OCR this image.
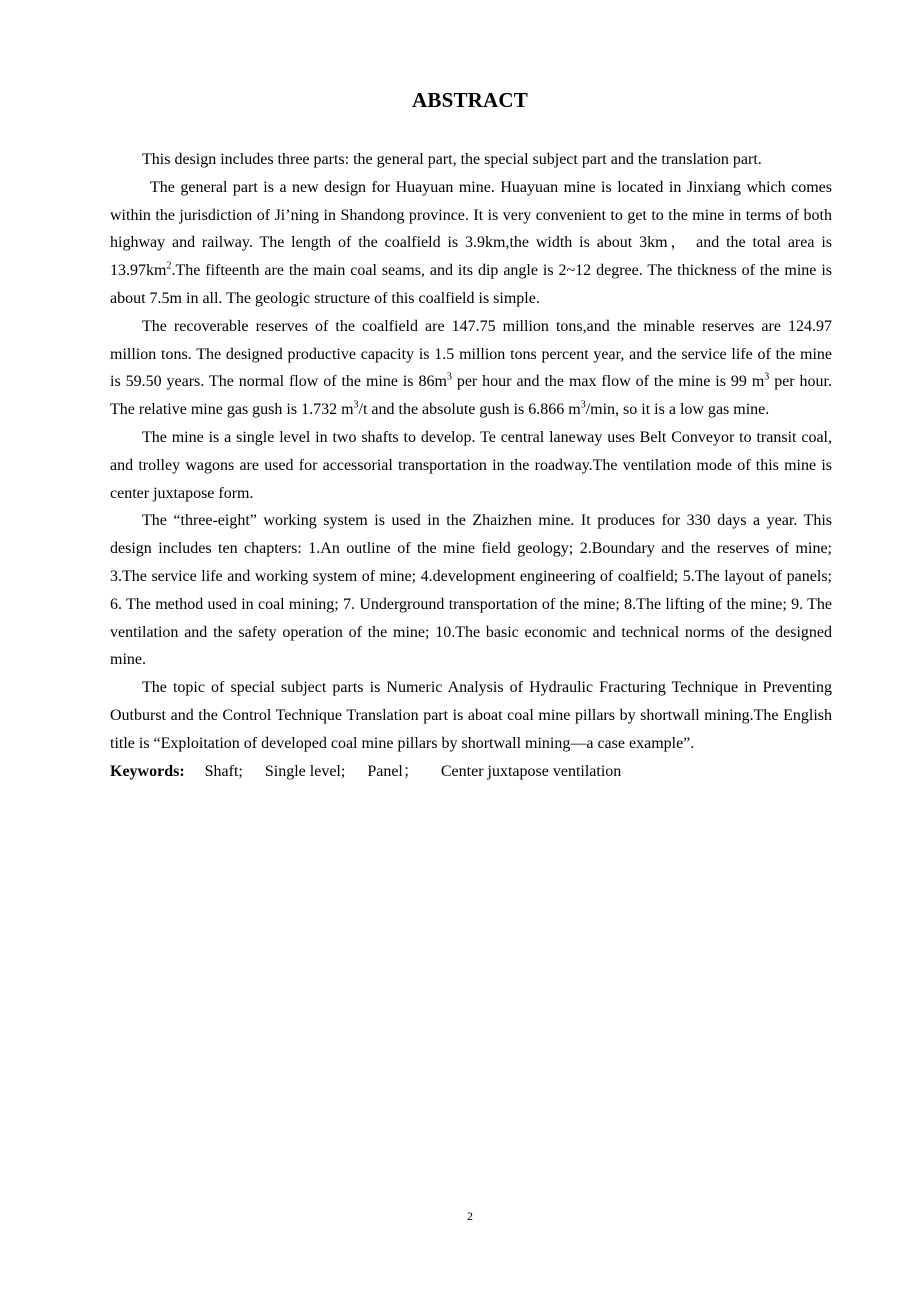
ABSTRACT

This design includes three parts: the general part, the special subject part and the translation part.

The general part is a new design for Huayuan mine. Huayuan mine is located in Jinxiang which comes within the jurisdiction of Ji’ning in Shandong province. It is very convenient to get to the mine in terms of both highway and railway. The length of the coalfield is 3.9km,the width is about 3km， and the total area is $13.97km^2.The$ fifteenth are the main coal seams, and its dip angle is 2~12 degree. The thickness of the mine is about 7.5m in all. The geologic structure of this coalfield is simple.

The recoverable reserves of the coalfield are 147.75 million tons,and the minable reserves are 124.97 million tons. The designed productive capacity is 1.5 million tons percent year, and the service life of the mine is 59.50 years. The normal flow of the mine is $86m^3$ per hour and the max flow of the mine is 99 $m^3$ per hour. The relative mine gas gush is 1.732 $m^3/t$ and the absolute gush is 6.866 $m^3/\min$, so it is a low gas mine.

The mine is a single level in two shafts to develop. Te central laneway uses Belt Conveyor to transit coal, and trolley wagons are used for accessorial transportation in the roadway.The ventilation mode of this mine is center juxtapose form.

The “three-eight” working system is used in the Zhaizhen mine. It produces for 330 days a year. This design includes ten chapters: 1.An outline of the mine field geology; 2.Boundary and the reserves of mine; 3.The service life and working system of mine; 4.development engineering of coalfield; 5.The layout of panels; 6. The method used in coal mining; 7. Underground transportation of the mine; 8.The lifting of the mine; 9. The ventilation and the safety operation of the mine; 10.The basic economic and technical norms of the designed mine.

The topic of special subject parts is Numeric Analysis of Hydraulic Fracturing Technique in Preventing Outburst and the Control Technique Translation part is aboat coal mine pillars by shortwall mining.The English title is “Exploitation of developed coal mine pillars by shortwall mining—a case example”.

Keywords: Shaft; Single level; Panel； Center juxtapose ventilation
2
